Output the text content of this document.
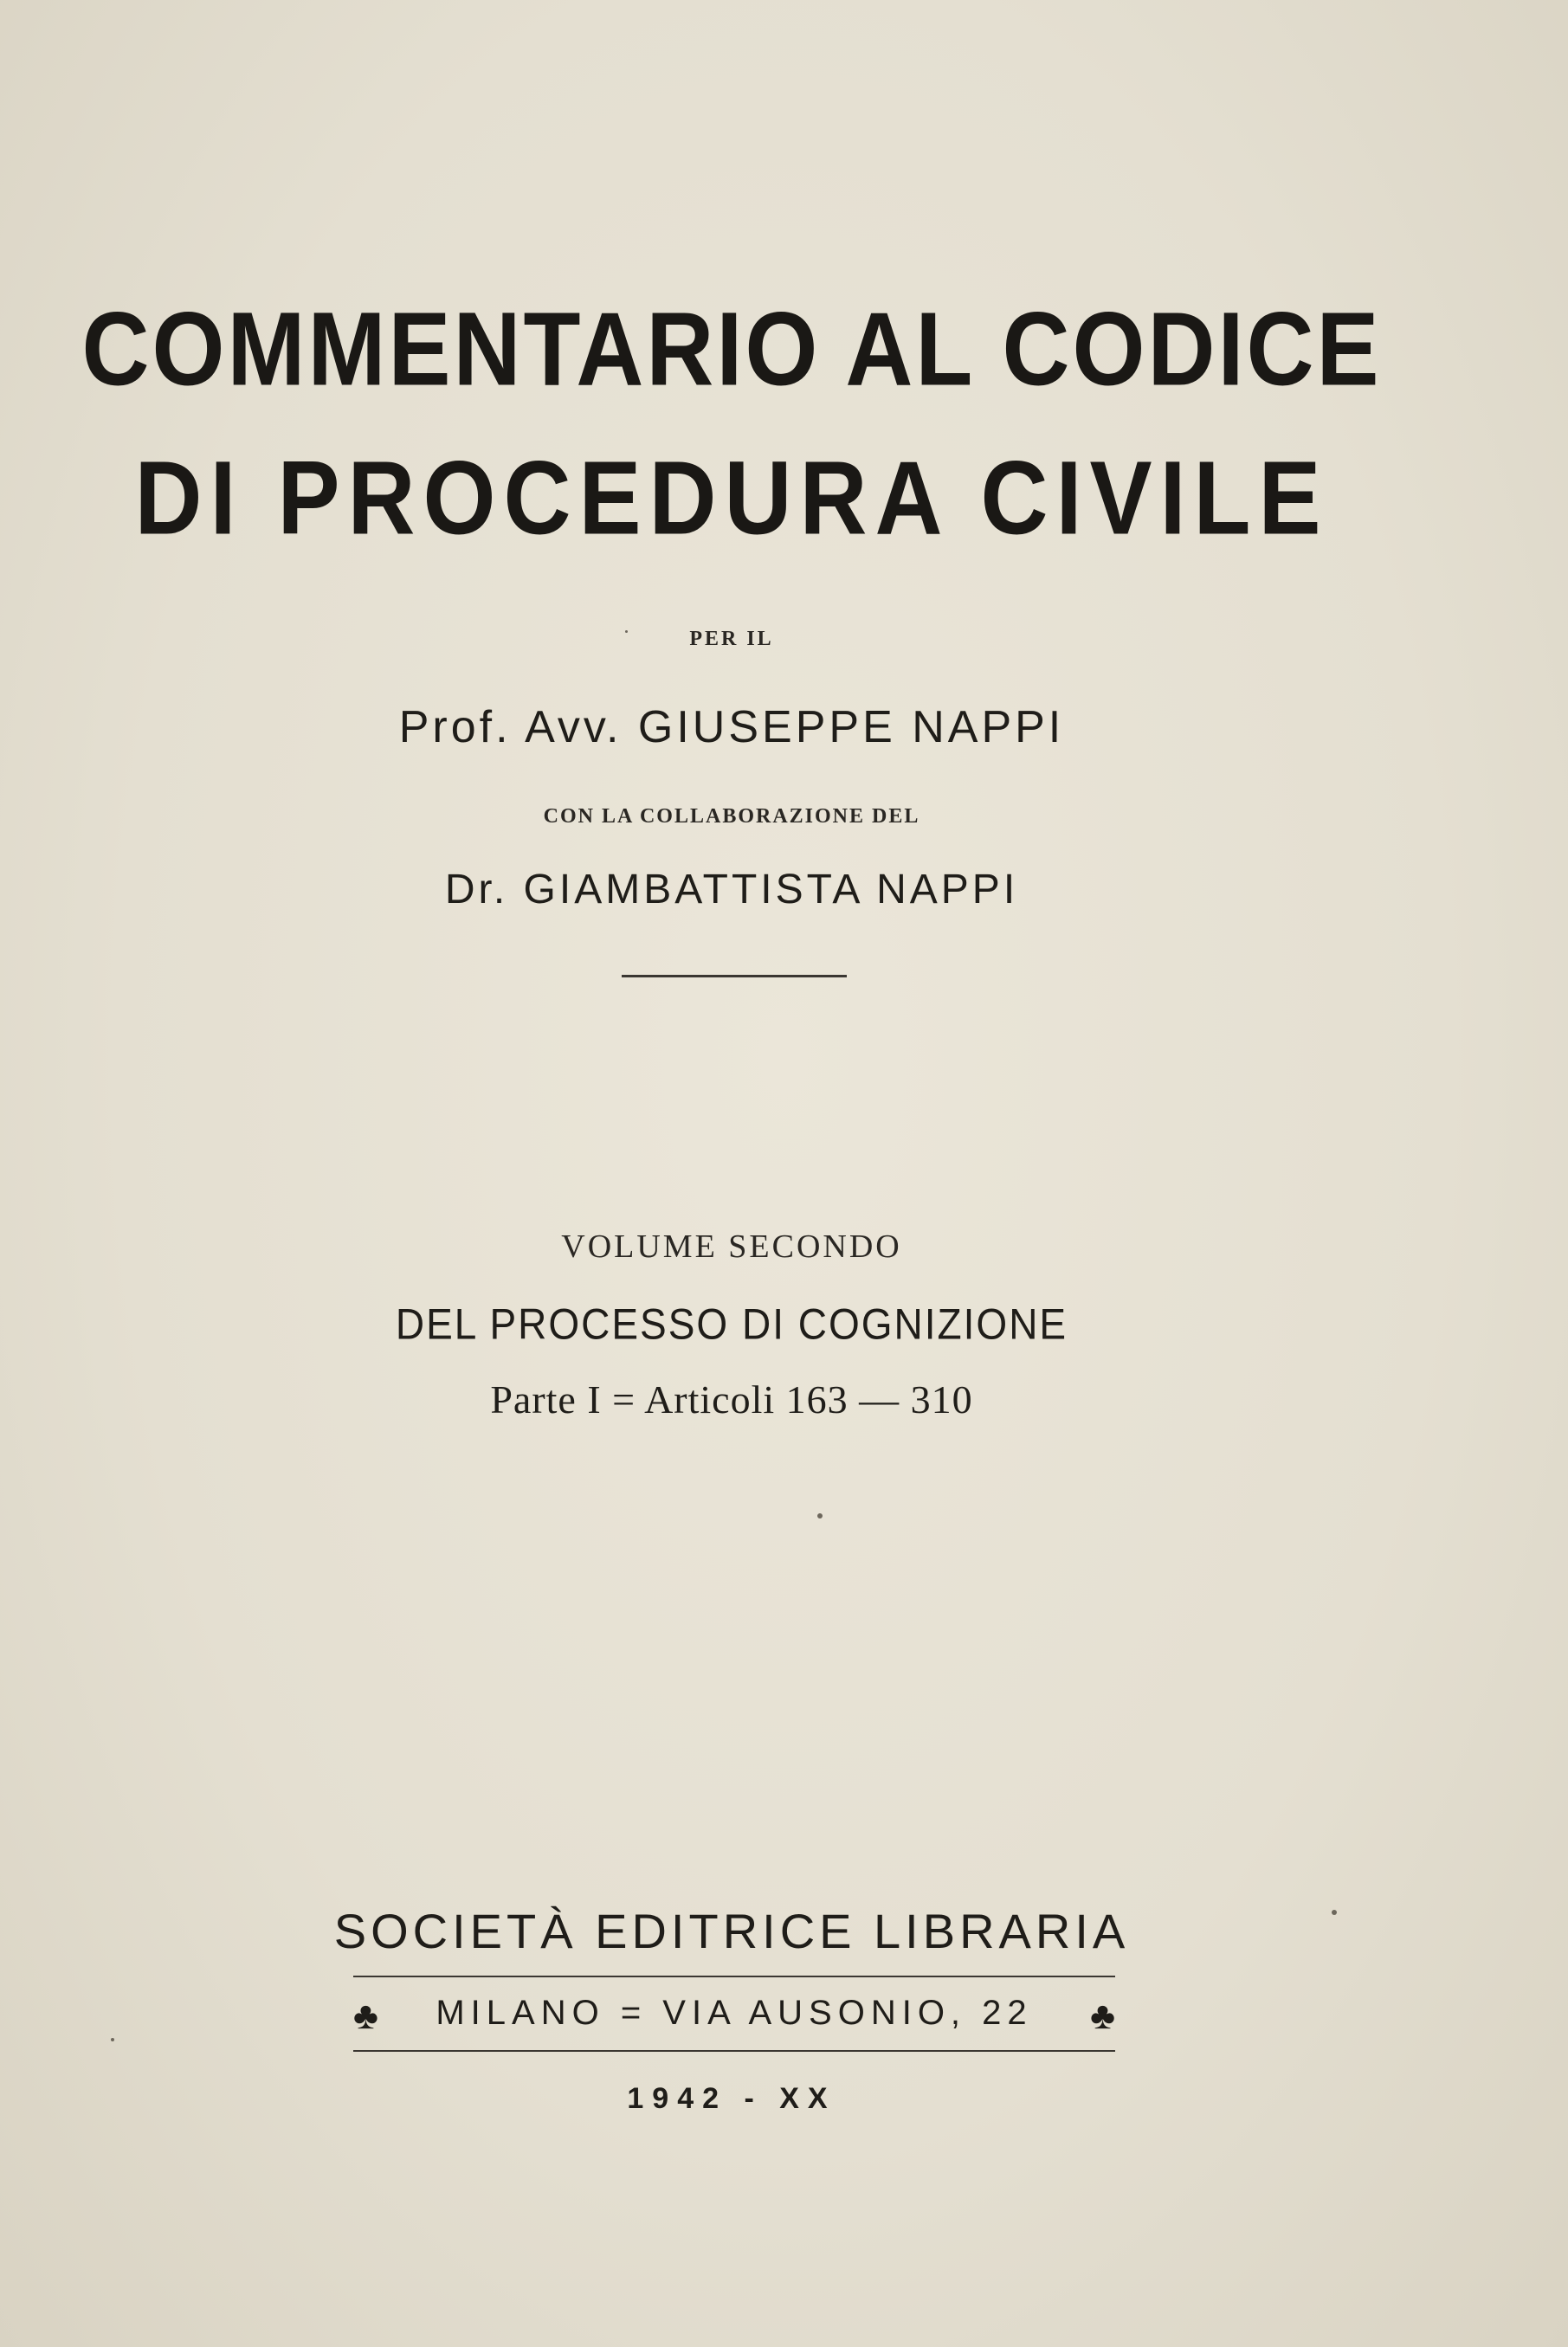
COMMENTARIO AL CODICE
DI PROCEDURA CIVILE
PER IL
Prof. Avv. GIUSEPPE NAPPI
CON LA COLLABORAZIONE DEL
Dr. GIAMBATTISTA NAPPI
VOLUME SECONDO
DEL PROCESSO DI COGNIZIONE
Parte I = Articoli 163 — 310
SOCIETÀ EDITRICE LIBRARIA
♣	MILANO = VIA AUSONIO, 22	♣
1942 - XX
